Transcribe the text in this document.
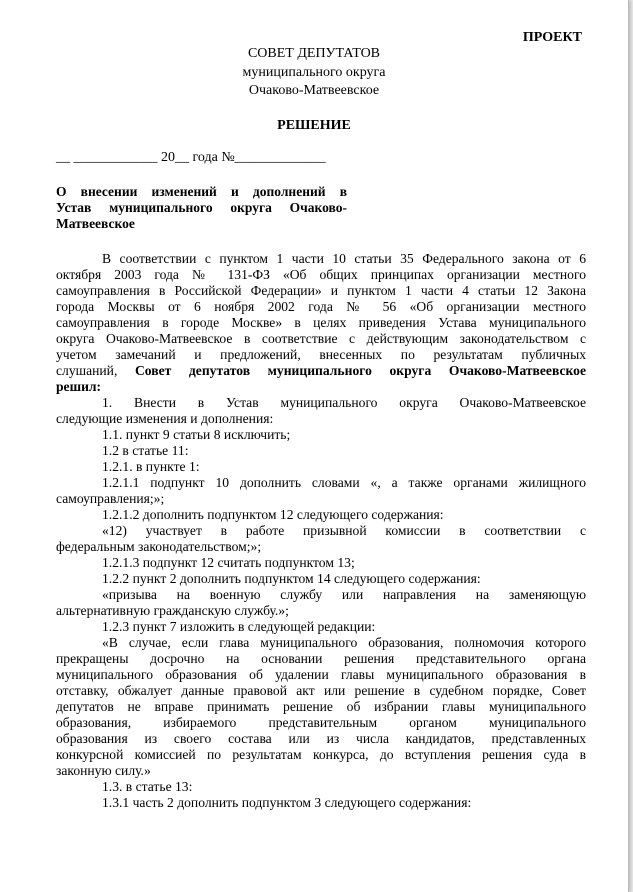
ПРОЕКТ
СОВЕТ ДЕПУТАТОВ
муниципального округа
Очаково-Матвеевское
РЕШЕНИЕ
__ ____________ 20__ года №_____________
О внесении изменений и дополнений в
Устав муниципального округа Очаково-
Матвеевское
В соответствии с пунктом 1 части 10 статьи 35 Федерального закона от 6
октября 2003 года № 131-ФЗ «Об общих принципах организации местного
самоуправления в Российской Федерации» и пунктом 1 части 4 статьи 12 Закона
города Москвы от 6 ноября 2002 года № 56 «Об организации местного
самоуправления в городе Москве» в целях приведения Устава муниципального
округа Очаково-Матвеевское в соответствие с действующим законодательством с
учетом замечаний и предложений, внесенных по результатам публичных
слушаний, Совет депутатов муниципального округа Очаково-Матвеевское
решил:
1. Внести в Устав муниципального округа Очаково-Матвеевское
следующие изменения и дополнения:
1.1. пункт 9 статьи 8 исключить;
1.2 в статье 11:
1.2.1. в пункте 1:
1.2.1.1 подпункт 10 дополнить словами «, а также органами жилищного
самоуправления;»;
1.2.1.2 дополнить подпунктом 12 следующего содержания:
«12) участвует в работе призывной комиссии в соответствии с
федеральным законодательством;»;
1.2.1.3 подпункт 12 считать подпунктом 13;
1.2.2 пункт 2 дополнить подпунктом 14 следующего содержания:
«призыва на военную службу или направления на заменяющую
альтернативную гражданскую службу.»;
1.2.3 пункт 7 изложить в следующей редакции:
«В случае, если глава муниципального образования, полномочия которого
прекращены досрочно на основании решения представительного органа
муниципального образования об удалении главы муниципального образования в
отставку, обжалует данные правовой акт или решение в судебном порядке, Совет
депутатов не вправе принимать решение об избрании главы муниципального
образования, избираемого представительным органом муниципального
образования из своего состава или из числа кандидатов, представленных
конкурсной комиссией по результатам конкурса, до вступления решения суда в
законную силу.»
1.3. в статье 13:
1.3.1 часть 2 дополнить подпунктом 3 следующего содержания:
